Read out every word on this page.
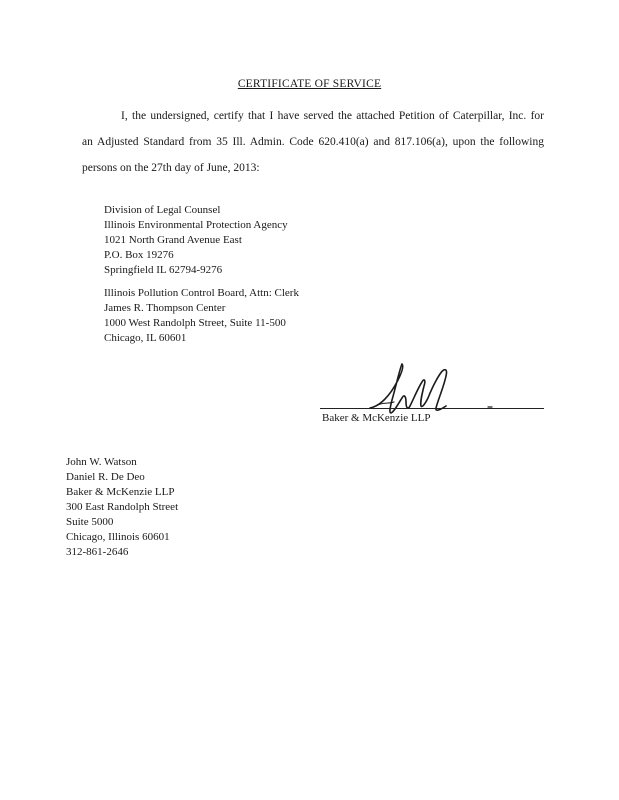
CERTIFICATE OF SERVICE
I, the undersigned, certify that I have served the attached Petition of Caterpillar, Inc. for
an Adjusted Standard from 35 Ill. Admin. Code 620.410(a) and 817.106(a), upon the following
persons on the 27th day of June, 2013:
Division of Legal Counsel
Illinois Environmental Protection Agency
1021 North Grand Avenue East
P.O. Box 19276
Springfield IL 62794-9276
Illinois Pollution Control Board, Attn: Clerk
James R. Thompson Center
1000 West Randolph Street, Suite 11-500
Chicago, IL 60601
Baker & McKenzie LLP
John W. Watson
Daniel R. De Deo
Baker & McKenzie LLP
300 East Randolph Street
Suite 5000
Chicago, Illinois 60601
312-861-2646
